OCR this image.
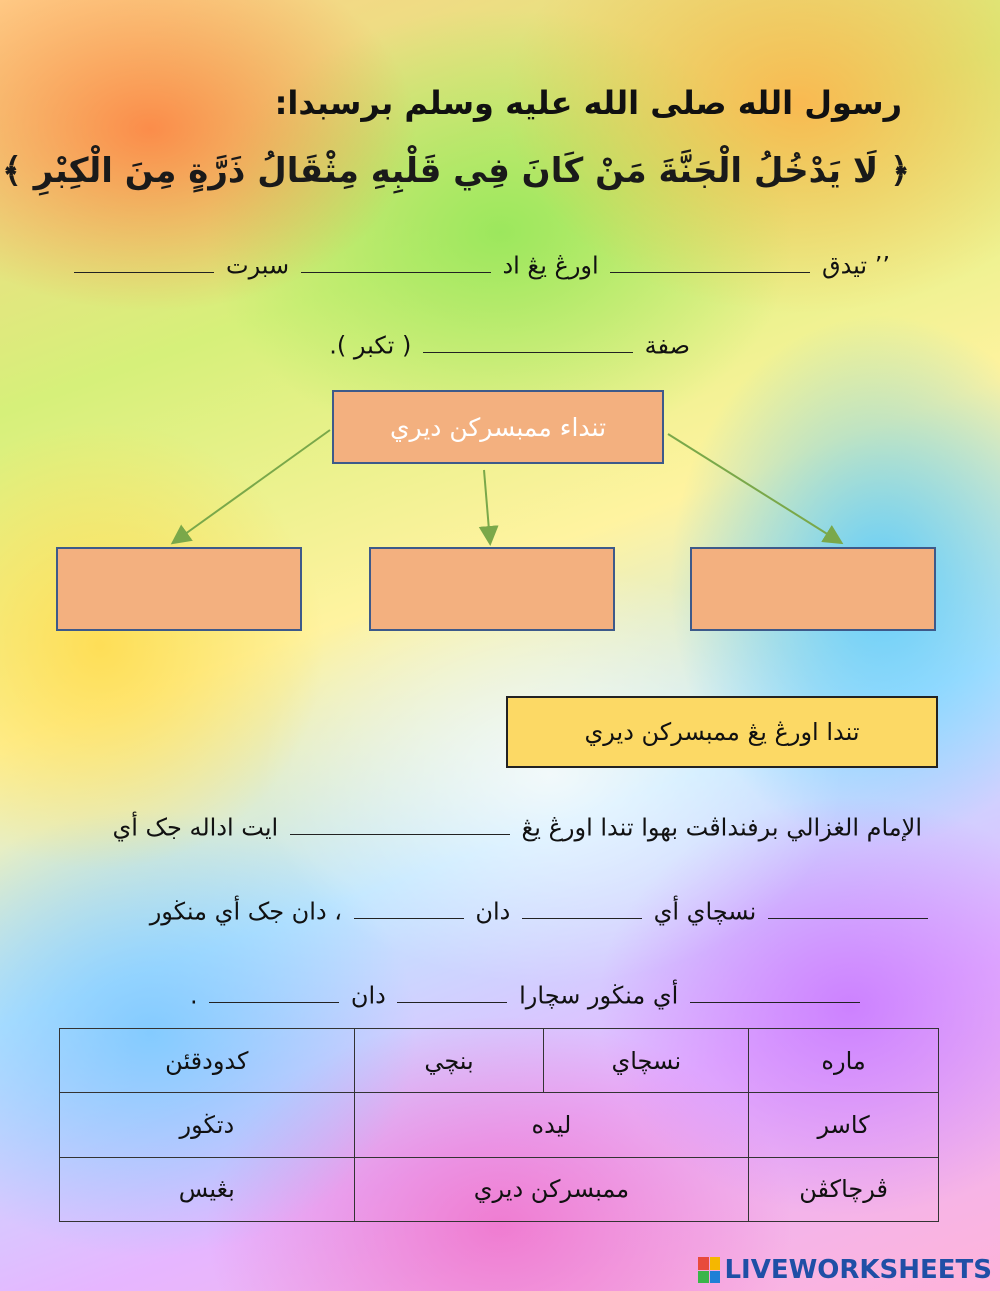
رسول الله صلى الله عليه وسلم برسبدا:
﴿ لَا يَدْخُلُ الْجَنَّةَ مَنْ كَانَ فِي قَلْبِهِ مِثْقَالُ ذَرَّةٍ مِنَ الْكِبْرِ ﴾
٬٬ تيدق  اورڠ يڠ اد  سبرت
صفة  ( تكبر ).
تنداء ممبسركن ديري
تندا اورڠ يڠ ممبسركن ديري
الإمام الغزالي برفنداڤت بهوا تندا اورڠ يڠ  ايت اداله جک أي
نسچاي أي  دان  ، دان جک أي منڬور
أي منڬور سچارا  دان  .
ماره	نسچاي	بنچي	كدودقئن
كاسر	ليده		دتڬور
ڤرچاكڤن	ممبسركن ديري		بڠيس
LIVEWORKSHEETS
